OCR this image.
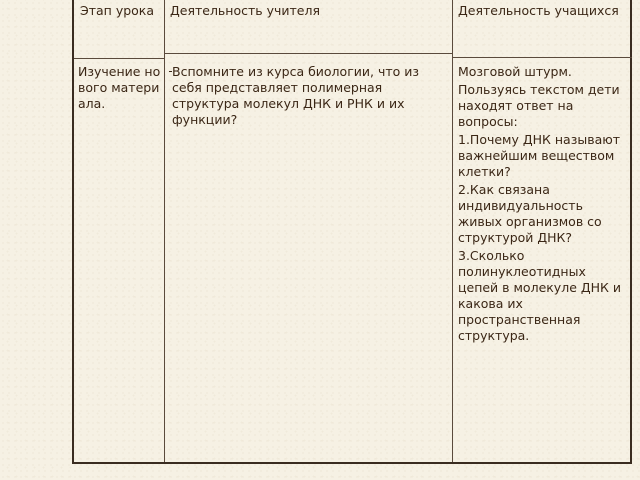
Этап урока	Деятельность учителя	Деятельность учащихся
Изучение нового материала.
Вспомните из курса биологии, что из себя представляет полимерная структура молекул ДНК и РНК и их функции?

Мозговой штурм.

Пользуясь текстом дети находят ответ на вопросы:

1.Почему ДНК называют важнейшим веществом клетки?

2.Как связана индивидуальность живых организмов со структурой ДНК?

3.Сколько полинуклеотидных цепей в молекуле ДНК и какова их пространственная структура.
